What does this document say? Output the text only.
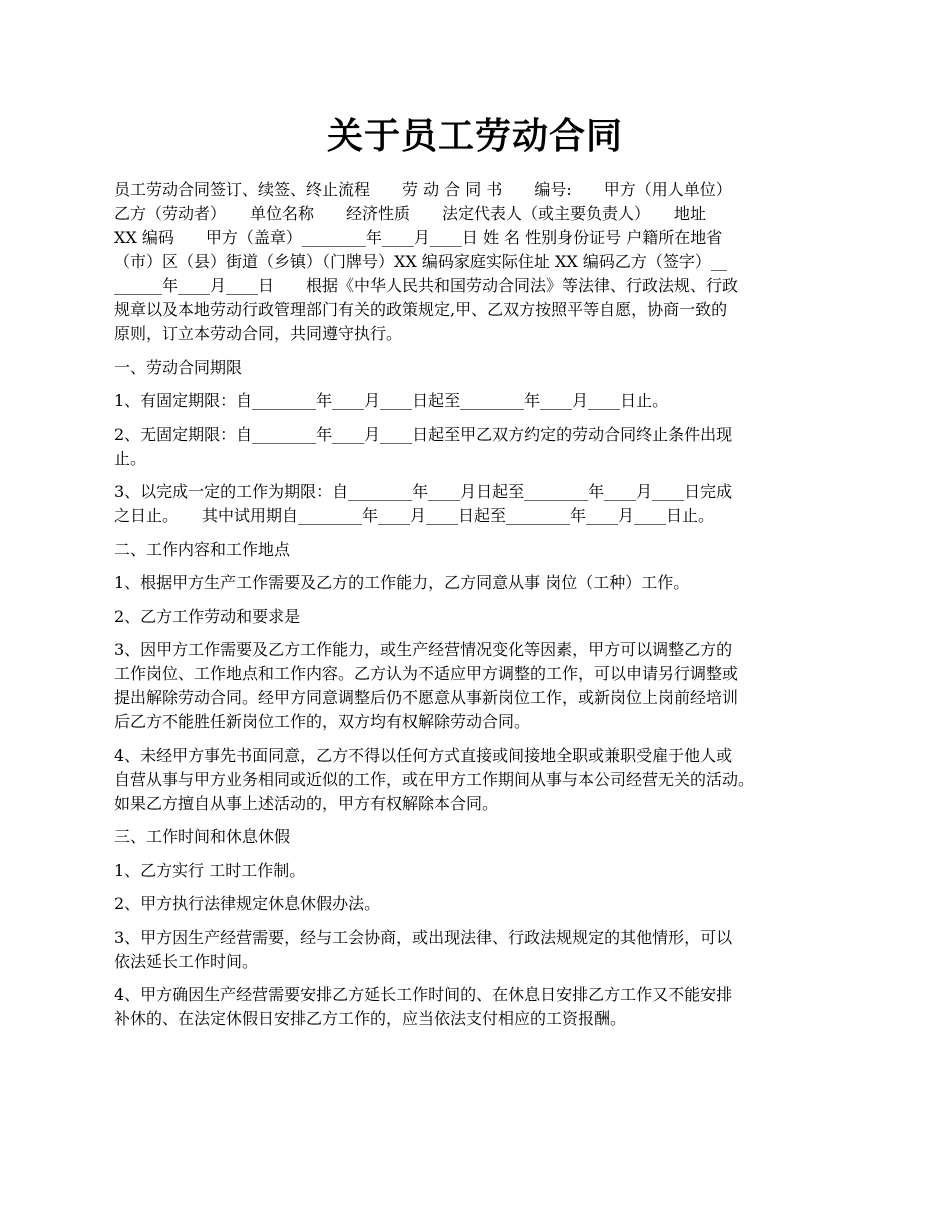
关于员工劳动合同

员工劳动合同签订、续签、终止流程　　劳 动 合 同 书　　编号:　　甲方（用人单位）
乙方（劳动者）　　单位名称　　经济性质　　法定代表人（或主要负责人）　　地址
XX 编码　　甲方（盖章）________年____月____日 姓 名 性别身份证号 户籍所在地省
（市）区（县）街道（乡镇）（门牌号）XX 编码家庭实际住址 XX 编码乙方（签字）__
______年____月____日　　根据《中华人民共和国劳动合同法》等法律、行政法规、行政
规章以及本地劳动行政管理部门有关的政策规定,甲、乙双方按照平等自愿，协商一致的
原则，订立本劳动合同，共同遵守执行。

一、劳动合同期限

1、有固定期限：自________年____月____日起至________年____月____日止。

2、无固定期限：自________年____月____日起至甲乙双方约定的劳动合同终止条件出现
止。

3、以完成一定的工作为期限：自________年____月日起至________年____月____日完成
之日止。　　其中试用期自________年____月____日起至________年____月____日止。

二、工作内容和工作地点

1、根据甲方生产工作需要及乙方的工作能力，乙方同意从事 岗位（工种）工作。

2、乙方工作劳动和要求是

3、因甲方工作需要及乙方工作能力，或生产经营情况变化等因素，甲方可以调整乙方的
工作岗位、工作地点和工作内容。乙方认为不适应甲方调整的工作，可以申请另行调整或
提出解除劳动合同。经甲方同意调整后仍不愿意从事新岗位工作，或新岗位上岗前经培训
后乙方不能胜任新岗位工作的，双方均有权解除劳动合同。

4、未经甲方事先书面同意，乙方不得以任何方式直接或间接地全职或兼职受雇于他人或
自营从事与甲方业务相同或近似的工作，或在甲方工作期间从事与本公司经营无关的活动。
如果乙方擅自从事上述活动的，甲方有权解除本合同。

三、工作时间和休息休假

1、乙方实行 工时工作制。

2、甲方执行法律规定休息休假办法。

3、甲方因生产经营需要，经与工会协商，或出现法律、行政法规规定的其他情形，可以
依法延长工作时间。

4、甲方确因生产经营需要安排乙方延长工作时间的、在休息日安排乙方工作又不能安排
补休的、在法定休假日安排乙方工作的，应当依法支付相应的工资报酬。
